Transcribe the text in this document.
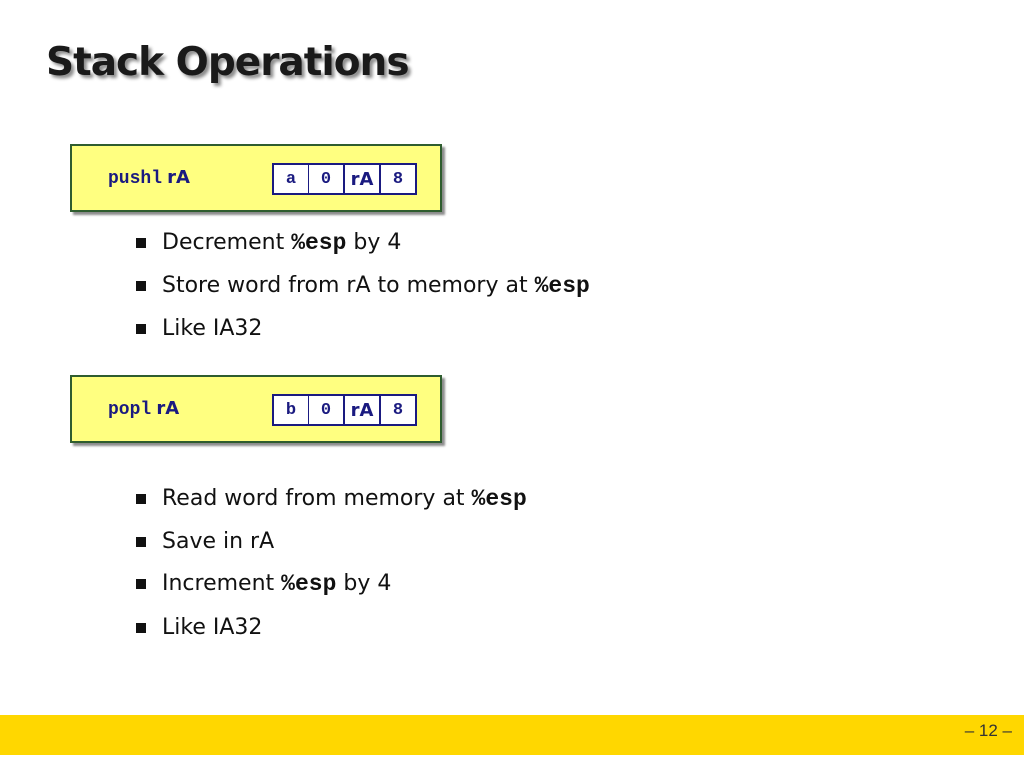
Stack Operations
pushl rA	a	0	rA	8
Decrement %esp by 4
Store word from rA to memory at %esp
Like IA32
popl rA	b	0	rA	8
Read word from memory at %esp
Save in rA
Increment %esp by 4
Like IA32
– 12 –
